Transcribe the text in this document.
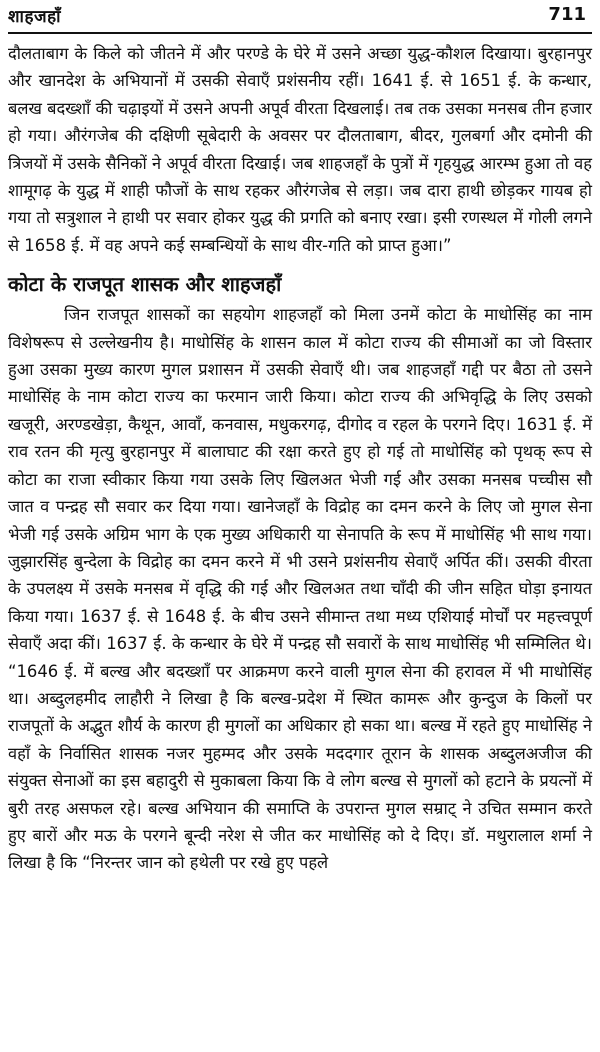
शाहजहाँ	711

दौलताबाग के किले को जीतने में और परण्डे के घेरे में उसने अच्छा युद्ध-कौशल दिखाया। बुरहानपुर और खानदेश के अभियानों में उसकी सेवाएँ प्रशंसनीय रहीं। 1641 ई. से 1651 ई. के कन्धार, बलख बदख्शाँ की चढ़ाइयों में उसने अपनी अपूर्व वीरता दिखलाई। तब तक उसका मनसब तीन हजार हो गया। औरंगजेब की दक्षिणी सूबेदारी के अवसर पर दौलताबाग, बीदर, गुलबर्गा और दमोनी की त्रिजयों में उसके सैनिकों ने अपूर्व वीरता दिखाई। जब शाहजहाँ के पुत्रों में गृहयुद्ध आरम्भ हुआ तो वह शामूगढ़ के युद्ध में शाही फौजों के साथ रहकर औरंगजेब से लड़ा। जब दारा हाथी छोड़कर गायब हो गया तो सत्रुशाल ने हाथी पर सवार होकर युद्ध की प्रगति को बनाए रखा। इसी रणस्थल में गोली लगने से 1658 ई. में वह अपने कई सम्बन्धियों के साथ वीर-गति को प्राप्त हुआ।”

कोटा के राजपूत शासक और शाहजहाँ

जिन राजपूत शासकों का सहयोग शाहजहाँ को मिला उनमें कोटा के माधोसिंह का नाम विशेषरूप से उल्लेखनीय है। माधोसिंह के शासन काल में कोटा राज्य की सीमाओं का जो विस्तार हुआ उसका मुख्य कारण मुगल प्रशासन में उसकी सेवाएँ थी। जब शाहजहाँ गद्दी पर बैठा तो उसने माधोसिंह के नाम कोटा राज्य का फरमान जारी किया। कोटा राज्य की अभिवृद्धि के लिए उसको खजूरी, अरण्डखेड़ा, कैथून, आवाँ, कनवास, मधुकरगढ़, दीगोद व रहल के परगने दिए। 1631 ई. में राव रतन की मृत्यु बुरहानपुर में बालाघाट की रक्षा करते हुए हो गई तो माधोसिंह को पृथक् रूप से कोटा का राजा स्वीकार किया गया उसके लिए खिलअत भेजी गई और उसका मनसब पच्चीस सौ जात व पन्द्रह सौ सवार कर दिया गया। खानेजहाँ के विद्रोह का दमन करने के लिए जो मुगल सेना भेजी गई उसके अग्रिम भाग के एक मुख्य अधिकारी या सेनापति के रूप में माधोसिंह भी साथ गया। जुझारसिंह बुन्देला के विद्रोह का दमन करने में भी उसने प्रशंसनीय सेवाएँ अर्पित कीं। उसकी वीरता के उपलक्ष्य में उसके मनसब में वृद्धि की गई और खिलअत तथा चाँदी की जीन सहित घोड़ा इनायत किया गया। 1637 ई. से 1648 ई. के बीच उसने सीमान्त तथा मध्य एशियाई मोर्चों पर महत्त्वपूर्ण सेवाएँ अदा कीं। 1637 ई. के कन्धार के घेरे में पन्द्रह सौ सवारों के साथ माधोसिंह भी सम्मिलित थे। “1646 ई. में बल्ख और बदख्शाँ पर आक्रमण करने वाली मुगल सेना की हरावल में भी माधोसिंह था। अब्दुलहमीद लाहौरी ने लिखा है कि बल्ख-प्रदेश में स्थित कामरू और कुन्दुज के किलों पर राजपूतों के अद्भुत शौर्य के कारण ही मुगलों का अधिकार हो सका था। बल्ख में रहते हुए माधोसिंह ने वहाँ के निर्वासित शासक नजर मुहम्मद और उसके मददगार तूरान के शासक अब्दुलअजीज की संयुक्त सेनाओं का इस बहादुरी से मुकाबला किया कि वे लोग बल्ख से मुगलों को हटाने के प्रयत्नों में बुरी तरह असफल रहे। बल्ख अभियान की समाप्ति के उपरान्त मुगल सम्राट् ने उचित सम्मान करते हुए बारों और मऊ के परगने बून्दी नरेश से जीत कर माधोसिंह को दे दिए। डॉ. मथुरालाल शर्मा ने लिखा है कि “निरन्तर जान को हथेली पर रखे हुए पहले
